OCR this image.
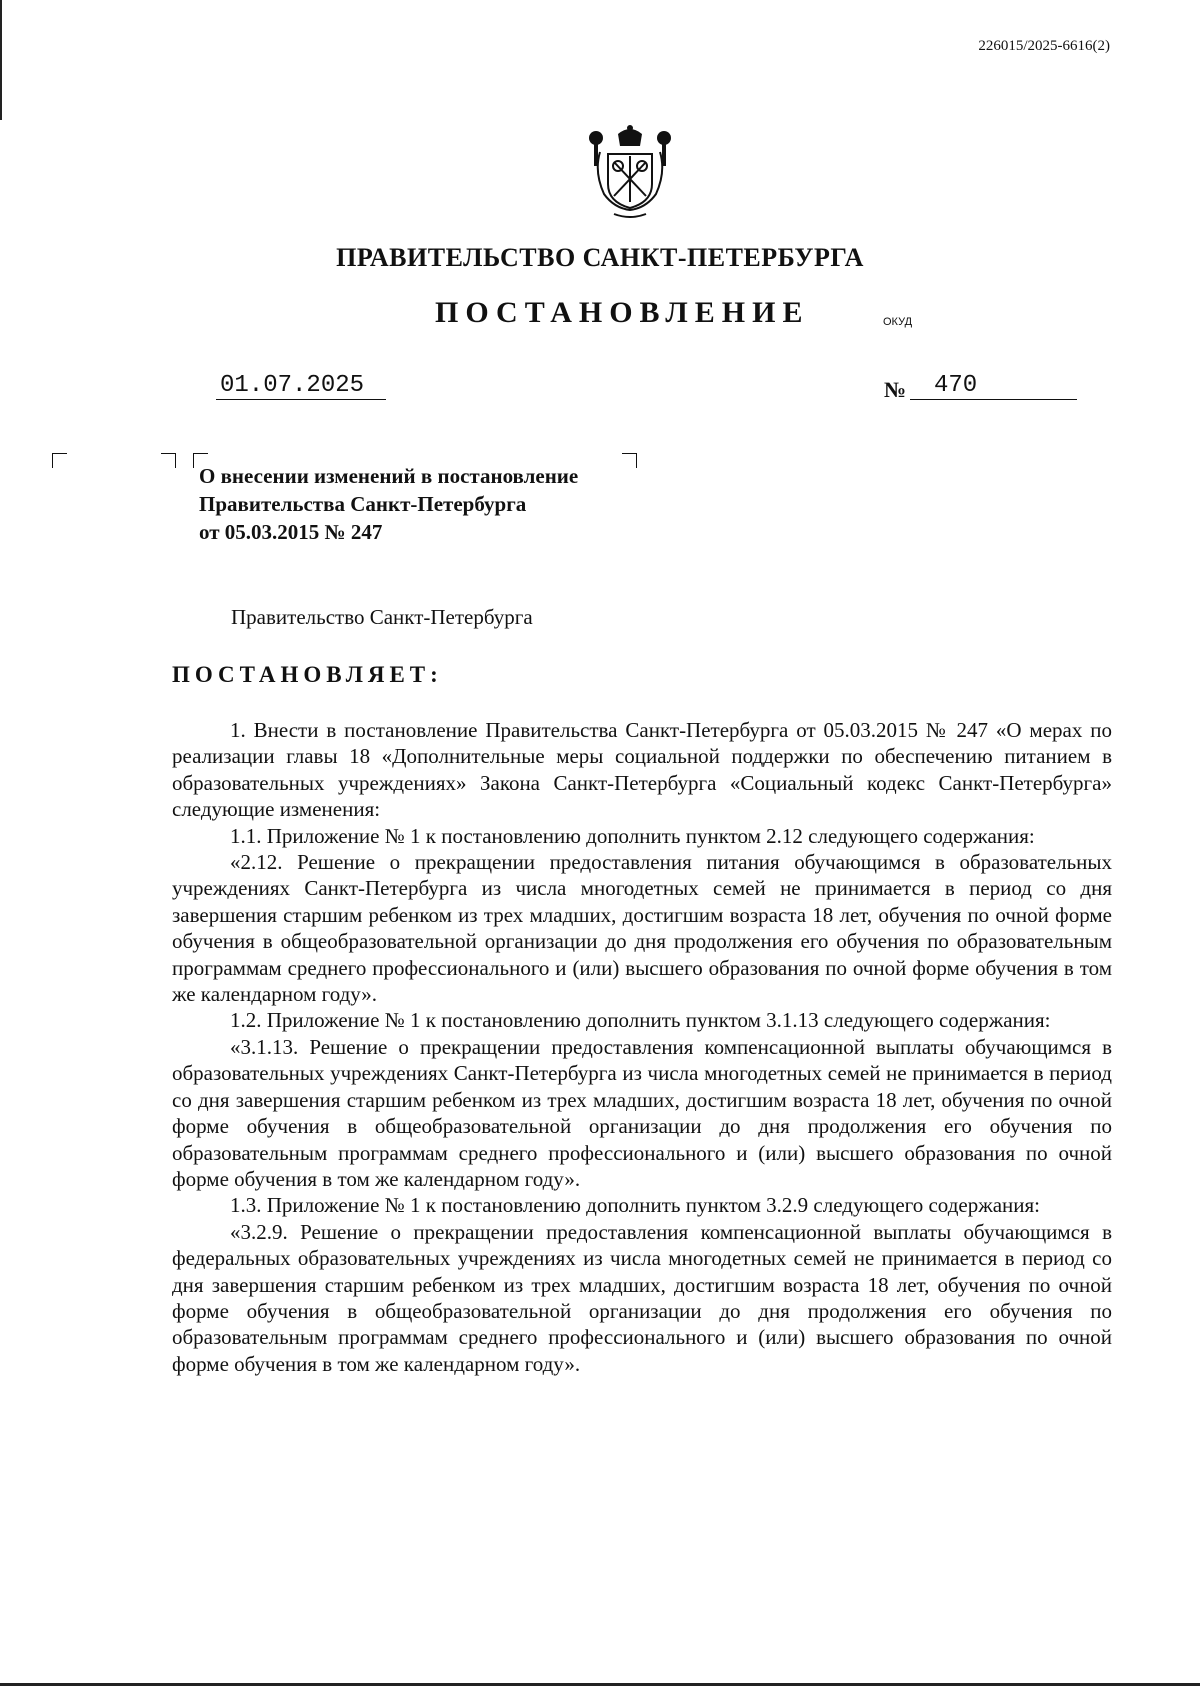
226015/2025-6616(2)
ПРАВИТЕЛЬСТВО САНКТ-ПЕТЕРБУРГА
ПОСТАНОВЛЕНИЕ	ОКУД
01.07.2025	№	470
О внесении изменений в постановление
Правительства Санкт-Петербурга
от 05.03.2015 № 247
Правительство Санкт-Петербурга
ПОСТАНОВЛЯЕТ:

1. Внести в постановление Правительства Санкт-Петербурга от 05.03.2015 № 247 «О мерах по реализации главы 18 «Дополнительные меры социальной поддержки по обеспечению питанием в образовательных учреждениях» Закона Санкт-Петербурга «Социальный кодекс Санкт-Петербурга» следующие изменения:

1.1. Приложение № 1 к постановлению дополнить пунктом 2.12 следующего содержания:

«2.12. Решение о прекращении предоставления питания обучающимся в образовательных учреждениях Санкт-Петербурга из числа многодетных семей не принимается в период со дня завершения старшим ребенком из трех младших, достигшим возраста 18 лет, обучения по очной форме обучения в общеобразовательной организации до дня продолжения его обучения по образовательным программам среднего профессионального и (или) высшего образования по очной форме обучения в том же календарном году».

1.2. Приложение № 1 к постановлению дополнить пунктом 3.1.13 следующего содержания:

«3.1.13. Решение о прекращении предоставления компенсационной выплаты обучающимся в образовательных учреждениях Санкт-Петербурга из числа многодетных семей не принимается в период со дня завершения старшим ребенком из трех младших, достигшим возраста 18 лет, обучения по очной форме обучения в общеобразовательной организации до дня продолжения его обучения по образовательным программам среднего профессионального и (или) высшего образования по очной форме обучения в том же календарном году».

1.3. Приложение № 1 к постановлению дополнить пунктом 3.2.9 следующего содержания:

«3.2.9. Решение о прекращении предоставления компенсационной выплаты обучающимся в федеральных образовательных учреждениях из числа многодетных семей не принимается в период со дня завершения старшим ребенком из трех младших, достигшим возраста 18 лет, обучения по очной форме обучения в общеобразовательной организации до дня продолжения его обучения по образовательным программам среднего профессионального и (или) высшего образования по очной форме обучения в том же календарном году».
